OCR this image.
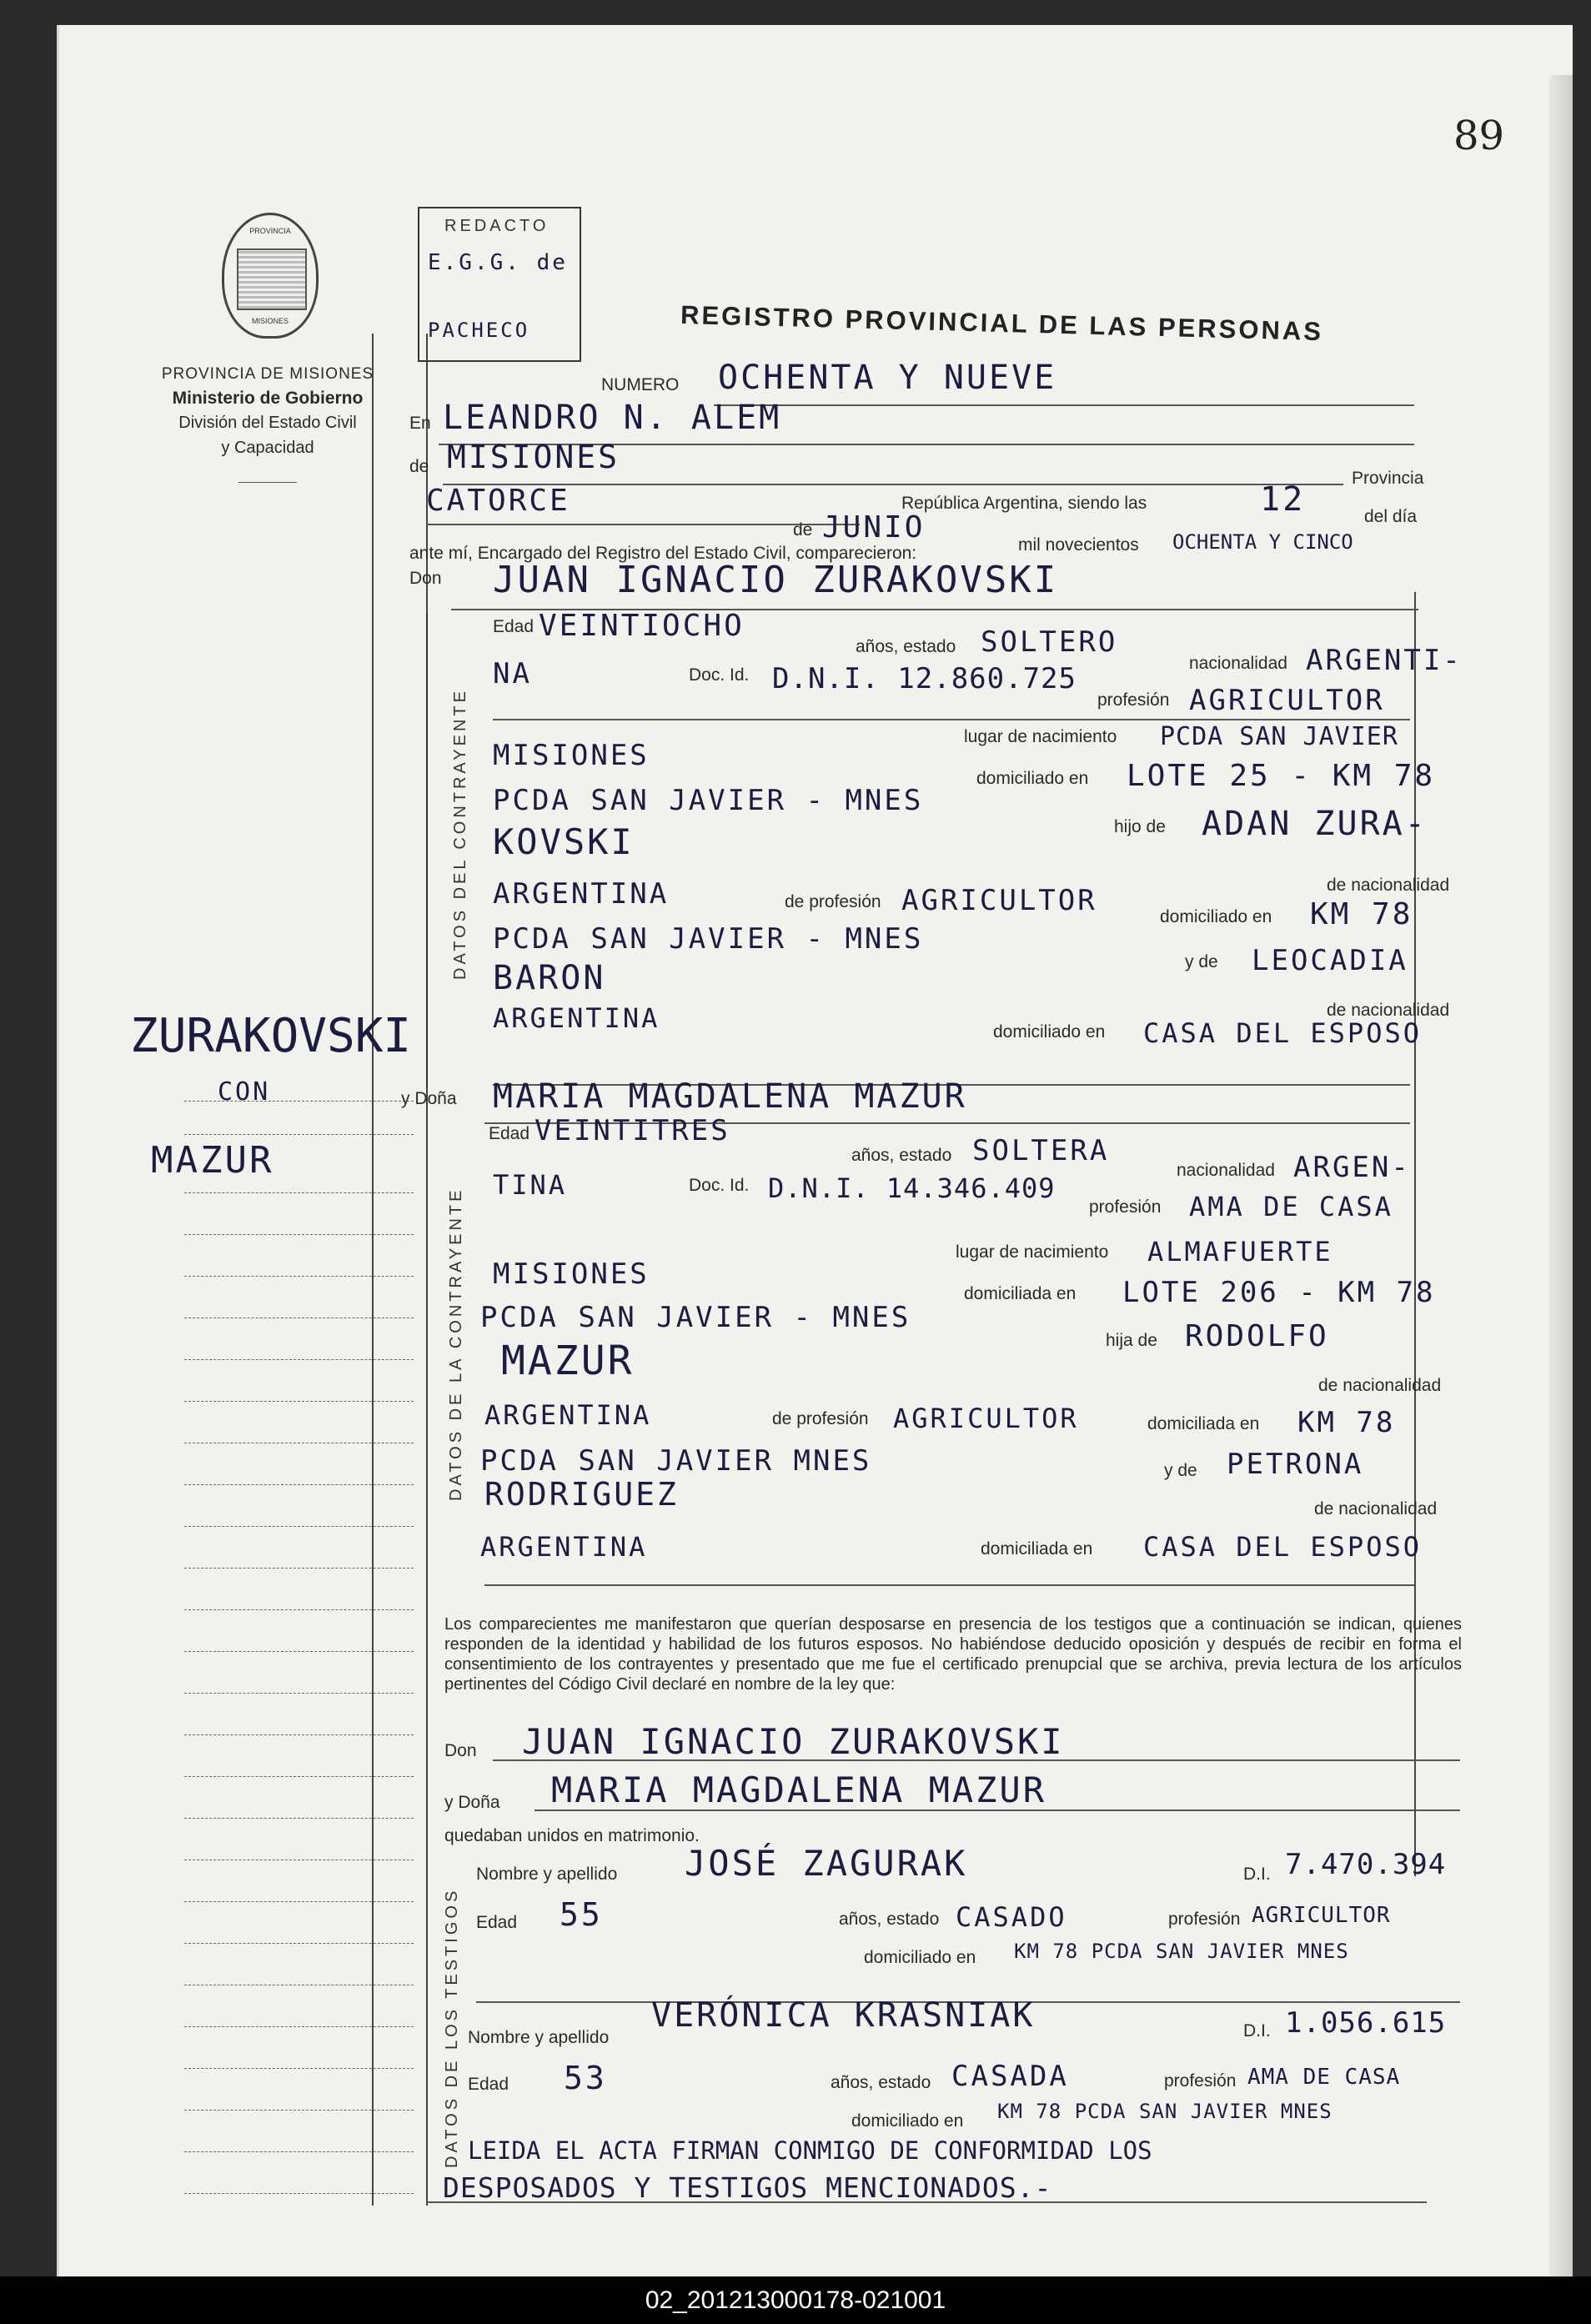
89
PROVINCIA
MISIONES
PROVINCIA DE MISIONES
Ministerio de Gobierno
División del Estado Civil
y Capacidad
REDACTO
E.G.G. de
PACHECO	REGISTRO PROVINCIAL DE LAS PERSONAS
NUMERO OCHENTA Y NUEVE
En LEANDRO N. ALEM
de MISIONES
Provincia
CATORCE	República Argentina, siendo las	12	del día
de JUNIO
mil novecientos OCHENTA Y CINCO
ante mí, Encargado del Registro del Estado Civil, comparecieron:
Don JUAN IGNACIO ZURAKOVSKI
DATOS DEL CONTRAYENTE
Edad VEINTIOCHO
años, estado SOLTERO
nacionalidad ARGENTI-
NA	Doc. Id. D.N.I. 12.860.725
profesión AGRICULTOR
lugar de nacimiento PCDA SAN JAVIER
MISIONES
domiciliado en LOTE 25 - KM 78
PCDA SAN JAVIER - MNES
hijo de ADAN ZURA-
KOVSKI
de nacionalidad
ARGENTINA	de profesión AGRICULTOR	domiciliado en KM 78
PCDA SAN JAVIER - MNES
y de LEOCADIA
BARON
de nacionalidad
ARGENTINA	domiciliado en CASA DEL ESPOSO
ZURAKOVSKI
CON
MAZUR
y Doña MARIA MAGDALENA MAZUR
DATOS DE LA CONTRAYENTE
Edad VEINTITRES
años, estado SOLTERA
nacionalidad ARGEN-
TINA	Doc. Id. D.N.I. 14.346.409
profesión AMA DE CASA
lugar de nacimiento ALMAFUERTE
MISIONES
domiciliada en LOTE 206 - KM 78
PCDA SAN JAVIER - MNES
hija de RODOLFO
MAZUR
de nacionalidad
ARGENTINA	de profesión AGRICULTOR	domiciliada en KM 78
PCDA SAN JAVIER MNES	y de PETRONA
RODRIGUEZ	de nacionalidad
ARGENTINA	domiciliada en CASA DEL ESPOSO
Los comparecientes me manifestaron que querían desposarse en presencia de los testigos que a continuación se indican, quienes responden de la identidad y habilidad de los futuros esposos. No habiéndose deducido oposición y después de recibir en forma el consentimiento de los contrayentes y presentado que me fue el certificado prenupcial que se archiva, previa lectura de los artículos pertinentes del Código Civil declaré en nombre de la ley que:
Don JUAN IGNACIO ZURAKOVSKI
y Doña MARIA MAGDALENA MAZUR
quedaban unidos en matrimonio.
DATOS DE LOS TESTIGOS
Nombre y apellido JOSÉ ZAGURAK	D.I. 7.470.394
Edad 55	años, estado CASADO	profesión AGRICULTOR
domiciliado en KM 78 PCDA SAN JAVIER MNES
Nombre y apellido
VERÓNICA KRASNIAK	D.I. 1.056.615
Edad 53	años, estado CASADA	profesión AMA DE CASA
domiciliado en KM 78 PCDA SAN JAVIER MNES
LEIDA EL ACTA FIRMAN CONMIGO DE CONFORMIDAD LOS
DESPOSADOS Y TESTIGOS MENCIONADOS.-
02_201213000178-021001
